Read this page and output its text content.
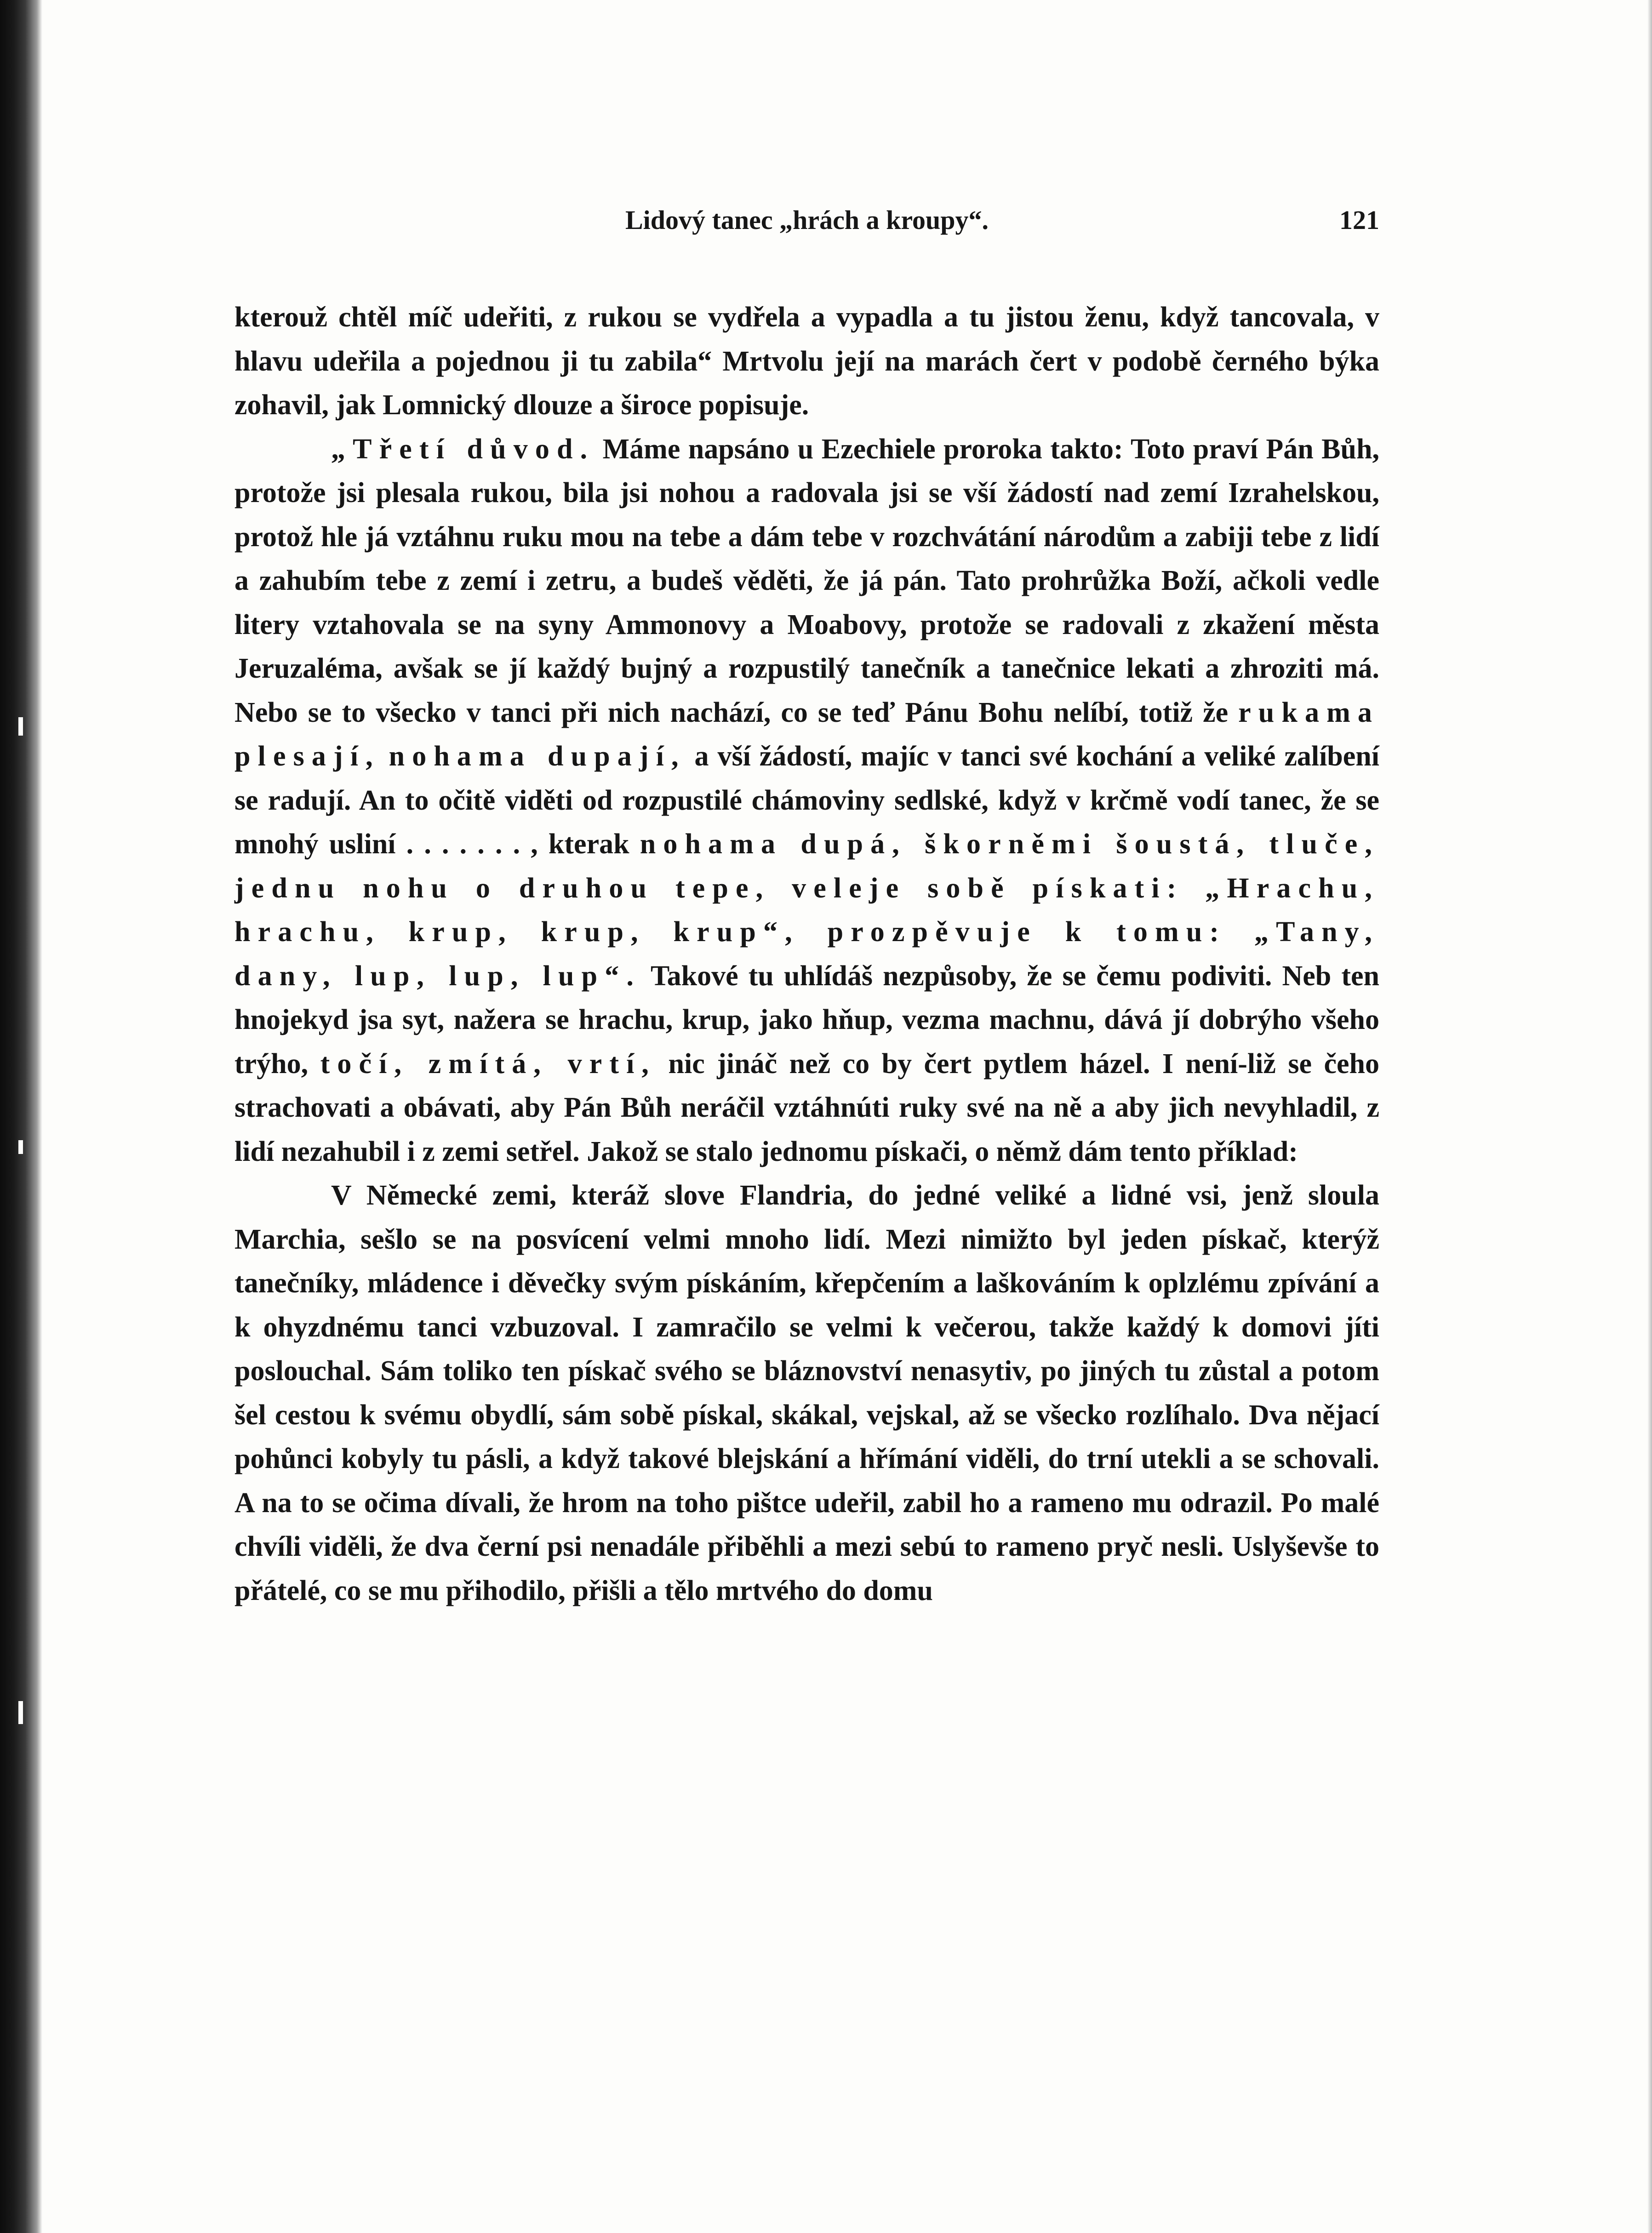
Lidový tanec „hrách a kroupy“.	121

kterouž chtěl míč udeřiti, z rukou se vydřela a vypadla a tu jistou ženu, když tancovala, v hlavu udeřila a pojednou ji tu zabila“ Mrtvolu její na marách čert v podobě černého býka zohavil, jak Lomnický dlouze a široce popisuje.

„Třetí důvod. Máme napsáno u Ezechiele proroka takto: Toto praví Pán Bůh, protože jsi plesala rukou, bila jsi nohou a radovala jsi se vší žádostí nad zemí Izrahelskou, protož hle já vztáhnu ruku mou na tebe a dám tebe v rozchvátání národům a zabiji tebe z lidí a zahubím tebe z zemí i zetru, a budeš věděti, že já pán. Tato prohrůžka Boží, ačkoli vedle litery vztahovala se na syny Ammonovy a Moabovy, protože se radovali z zkažení města Jeruzaléma, avšak se jí každý bujný a rozpustilý tanečník a tanečnice lekati a zhroziti má. Nebo se to všecko v tanci při nich nachází, co se teď Pánu Bohu nelíbí, totiž že rukama plesají, nohama dupají, a vší žádostí, majíc v tanci své kochání a veliké zalíbení se radují. An to očitě viděti od rozpustilé chámoviny sedlské, když v krčmě vodí tanec, že se mnohý usliní . . . . . . . , kterak nohama dupá, škorněmi šoustá, tluče, jednu nohu o druhou tepe, veleje sobě pískati: „Hrachu, hrachu, krup, krup, krup“, prozpěvuje k tomu: „Tany, dany, lup, lup, lup“. Takové tu uhlídáš nezpůsoby, že se čemu podiviti. Neb ten hnojekyd jsa syt, nažera se hrachu, krup, jako hňup, vezma machnu, dává jí dobrýho všeho trýho, točí, zmítá, vrtí, nic jináč než co by čert pytlem házel. I není-liž se čeho strachovati a obávati, aby Pán Bůh neráčil vztáhnúti ruky své na ně a aby jich nevyhladil, z lidí nezahubil i z zemi setřel. Jakož se stalo jednomu pískači, o němž dám tento příklad:

V Německé zemi, kteráž slove Flandria, do jedné veliké a lidné vsi, jenž sloula Marchia, sešlo se na posvícení velmi mnoho lidí. Mezi nimižto byl jeden pískač, kterýž tanečníky, mládence i děvečky svým pískáním, křepčením a laškováním k oplzlému zpívání a k ohyzdnému tanci vzbuzoval. I zamračilo se velmi k večerou, takže každý k domovi jíti poslouchal. Sám toliko ten pískač svého se bláznovství nenasytiv, po jiných tu zůstal a potom šel cestou k svému obydlí, sám sobě pískal, skákal, vejskal, až se všecko rozlíhalo. Dva nějací pohůnci kobyly tu pásli, a když takové blejskání a hřímání viděli, do trní utekli a se schovali. A na to se očima dívali, že hrom na toho pištce udeřil, zabil ho a rameno mu odrazil. Po malé chvíli viděli, že dva černí psi nenadále přiběhli a mezi sebú to rameno pryč nesli. Uslyševše to přátelé, co se mu přihodilo, přišli a tělo mrtvého do domu
